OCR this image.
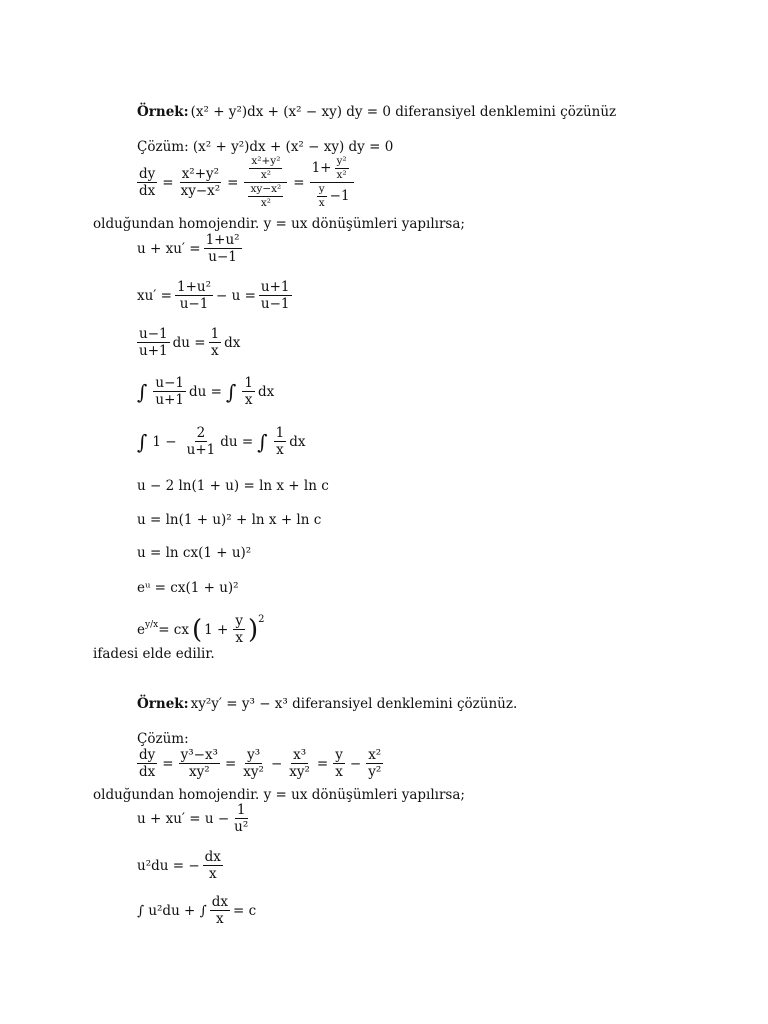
Örnek: (x² + y²)dx + (x² − xy) dy = 0 diferansiyel denklemini çözünüz
Çözüm: (x² + y²)dx + (x² − xy) dy = 0
$\frac{dy}{dx} = \frac{\text{x²+y²}}{\text{xy−x²}} = \frac{\frac{\text{x²+y²}}{\text{x²}}}{\frac{\text{xy−x²}}{\text{x²}}} = \frac{1+ \frac{\text{y²}}{\text{x²}}}{\frac{y}{x} -1}$
olduğundan homojendir. y = ux dönüşümleri yapılırsa;
$u + xu' = \frac{\text{1+u²}}{u-1}$
$xu' = \frac{\text{1+u²}}{u-1} - u = \frac{u+1}{u-1}$
$\frac{u-1}{u+1}$ du = $\frac{1}{x}$ dx
∫ $\frac{u-1}{u+1}$ du = ∫ $\frac{1}{x}$ dx
∫ $1 - \frac{2}{u+1}$ du = ∫ $\frac{1}{x}$ dx
u − 2 ln(1 + u) = ln x + ln c
u = ln(1 + u)² + ln x + ln c
u = ln cx(1 + u)²
eᵘ = cx(1 + u)²
$e^{y/x}$ = cx ( $1 + \frac{y}{x} )^2$
ifadesi elde edilir.
Örnek: xy²y′ = y³ − x³ diferansiyel denklemini çözünüz.
Çözüm:
$\frac{dy}{dx} = \frac{\text{y³−x³}}{\text{xy²}} = \frac{\text{y³}}{\text{xy²}} - \frac{\text{x³}}{\text{xy²}} = \frac{y}{x} - \frac{\text{x²}}{\text{y²}}$
olduğundan homojendir. y = ux dönüşümleri yapılırsa;
$u + xu' = u - \frac{1}{\text{u²}}$
u²du = − $\frac{dx}{x}$
∫ u²du + ∫ $\frac{dx}{x} = c$
